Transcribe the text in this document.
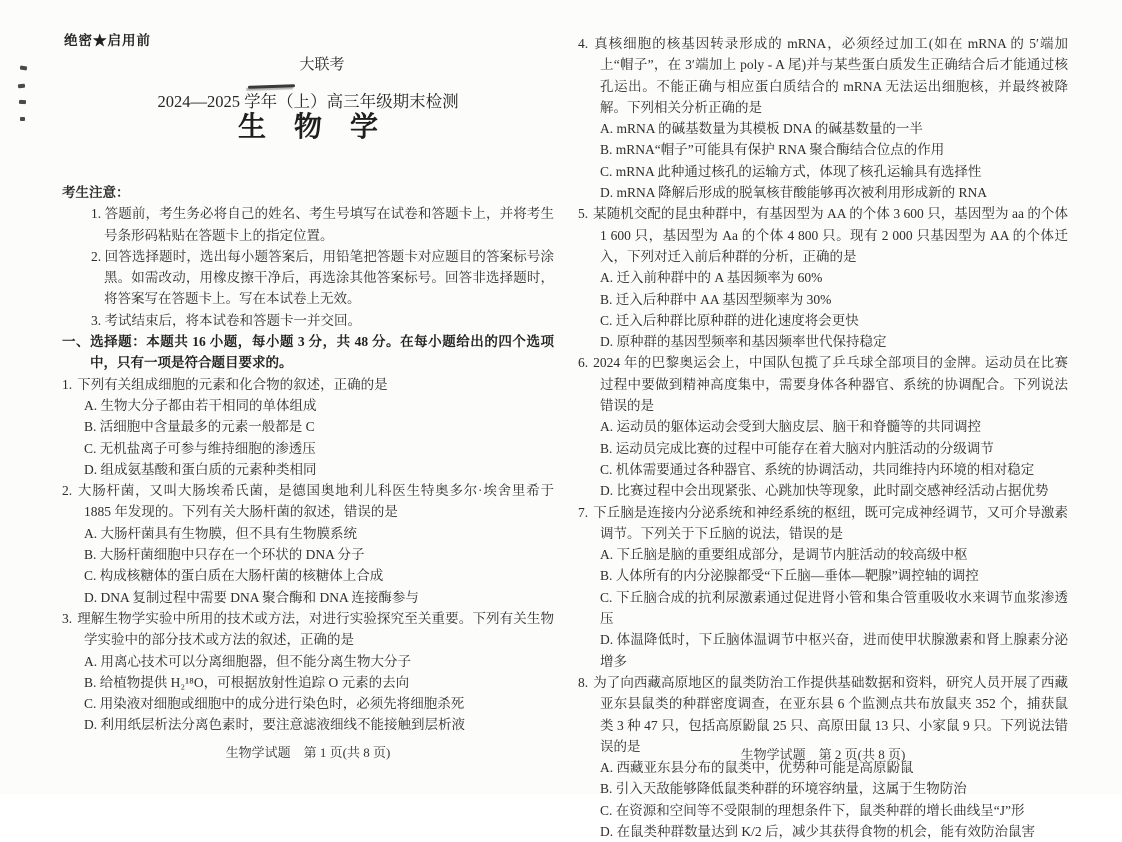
绝密★启用前
大联考
2024—2025 学年（上）高三年级期末检测
生　物　学
考生注意：
1. 答题前，考生务必将自己的姓名、考生号填写在试卷和答题卡上，并将考生号条形码粘贴在答题卡上的指定位置。
2. 回答选择题时，选出每小题答案后，用铅笔把答题卡对应题目的答案标号涂黑。如需改动，用橡皮擦干净后，再选涂其他答案标号。回答非选择题时，将答案写在答题卡上。写在本试卷上无效。
3. 考试结束后，将本试卷和答题卡一并交回。
一、选择题：本题共 16 小题，每小题 3 分，共 48 分。在每小题给出的四个选项中，只有一项是符合题目要求的。
1. 下列有关组成细胞的元素和化合物的叙述，正确的是
A. 生物大分子都由若干相同的单体组成
B. 活细胞中含量最多的元素一般都是 C
C. 无机盐离子可参与维持细胞的渗透压
D. 组成氨基酸和蛋白质的元素种类相同
2. 大肠杆菌，又叫大肠埃希氏菌，是德国奥地利儿科医生特奥多尔·埃舍里希于 1885 年发现的。下列有关大肠杆菌的叙述，错误的是
A. 大肠杆菌具有生物膜，但不具有生物膜系统
B. 大肠杆菌细胞中只存在一个环状的 DNA 分子
C. 构成核糖体的蛋白质在大肠杆菌的核糖体上合成
D. DNA 复制过程中需要 DNA 聚合酶和 DNA 连接酶参与
3. 理解生物学实验中所用的技术或方法，对进行实验探究至关重要。下列有关生物学实验中的部分技术或方法的叙述，正确的是
A. 用离心技术可以分离细胞器，但不能分离生物大分子
B. 给植物提供 H₂¹⁸O，可根据放射性追踪 O 元素的去向
C. 用染液对细胞或细胞中的成分进行染色时，必须先将细胞杀死
D. 利用纸层析法分离色素时，要注意滤液细线不能接触到层析液
4. 真核细胞的核基因转录形成的 mRNA，必须经过加工(如在 mRNA 的 5′端加上“帽子”，在 3′端加上 poly - A 尾)并与某些蛋白质发生正确结合后才能通过核孔运出。不能正确与相应蛋白质结合的 mRNA 无法运出细胞核，并最终被降解。下列相关分析正确的是
A. mRNA 的碱基数量为其模板 DNA 的碱基数量的一半
B. mRNA“帽子”可能具有保护 RNA 聚合酶结合位点的作用
C. mRNA 此种通过核孔的运输方式，体现了核孔运输具有选择性
D. mRNA 降解后形成的脱氧核苷酸能够再次被利用形成新的 RNA
5. 某随机交配的昆虫种群中，有基因型为 AA 的个体 3 600 只，基因型为 aa 的个体 1 600 只，基因型为 Aa 的个体 4 800 只。现有 2 000 只基因型为 AA 的个体迁入，下列对迁入前后种群的分析，正确的是
A. 迁入前种群中的 A 基因频率为 60%
B. 迁入后种群中 AA 基因型频率为 30%
C. 迁入后种群比原种群的进化速度将会更快
D. 原种群的基因型频率和基因频率世代保持稳定
6. 2024 年的巴黎奥运会上，中国队包揽了乒乓球全部项目的金牌。运动员在比赛过程中要做到精神高度集中，需要身体各种器官、系统的协调配合。下列说法错误的是
A. 运动员的躯体运动会受到大脑皮层、脑干和脊髓等的共同调控
B. 运动员完成比赛的过程中可能存在着大脑对内脏活动的分级调节
C. 机体需要通过各种器官、系统的协调活动，共同维持内环境的相对稳定
D. 比赛过程中会出现紧张、心跳加快等现象，此时副交感神经活动占据优势
7. 下丘脑是连接内分泌系统和神经系统的枢纽，既可完成神经调节，又可介导激素调节。下列关于下丘脑的说法，错误的是
A. 下丘脑是脑的重要组成部分，是调节内脏活动的较高级中枢
B. 人体所有的内分泌腺都受“下丘脑—垂体—靶腺”调控轴的调控
C. 下丘脑合成的抗利尿激素通过促进肾小管和集合管重吸收水来调节血浆渗透压
D. 体温降低时，下丘脑体温调节中枢兴奋，进而使甲状腺激素和肾上腺素分泌增多
8. 为了向西藏高原地区的鼠类防治工作提供基础数据和资料，研究人员开展了西藏亚东县鼠类的种群密度调查，在亚东县 6 个监测点共布放鼠夹 352 个，捕获鼠类 3 种 47 只，包括高原鼢鼠 25 只、高原田鼠 13 只、小家鼠 9 只。下列说法错误的是
A. 西藏亚东县分布的鼠类中，优势种可能是高原鼢鼠
B. 引入天敌能够降低鼠类种群的环境容纳量，这属于生物防治
C. 在资源和空间等不受限制的理想条件下，鼠类种群的增长曲线呈“J”形
D. 在鼠类种群数量达到 K/2 后，减少其获得食物的机会，能有效防治鼠害
生物学试题　第 1 页(共 8 页)	生物学试题　第 2 页(共 8 页)
